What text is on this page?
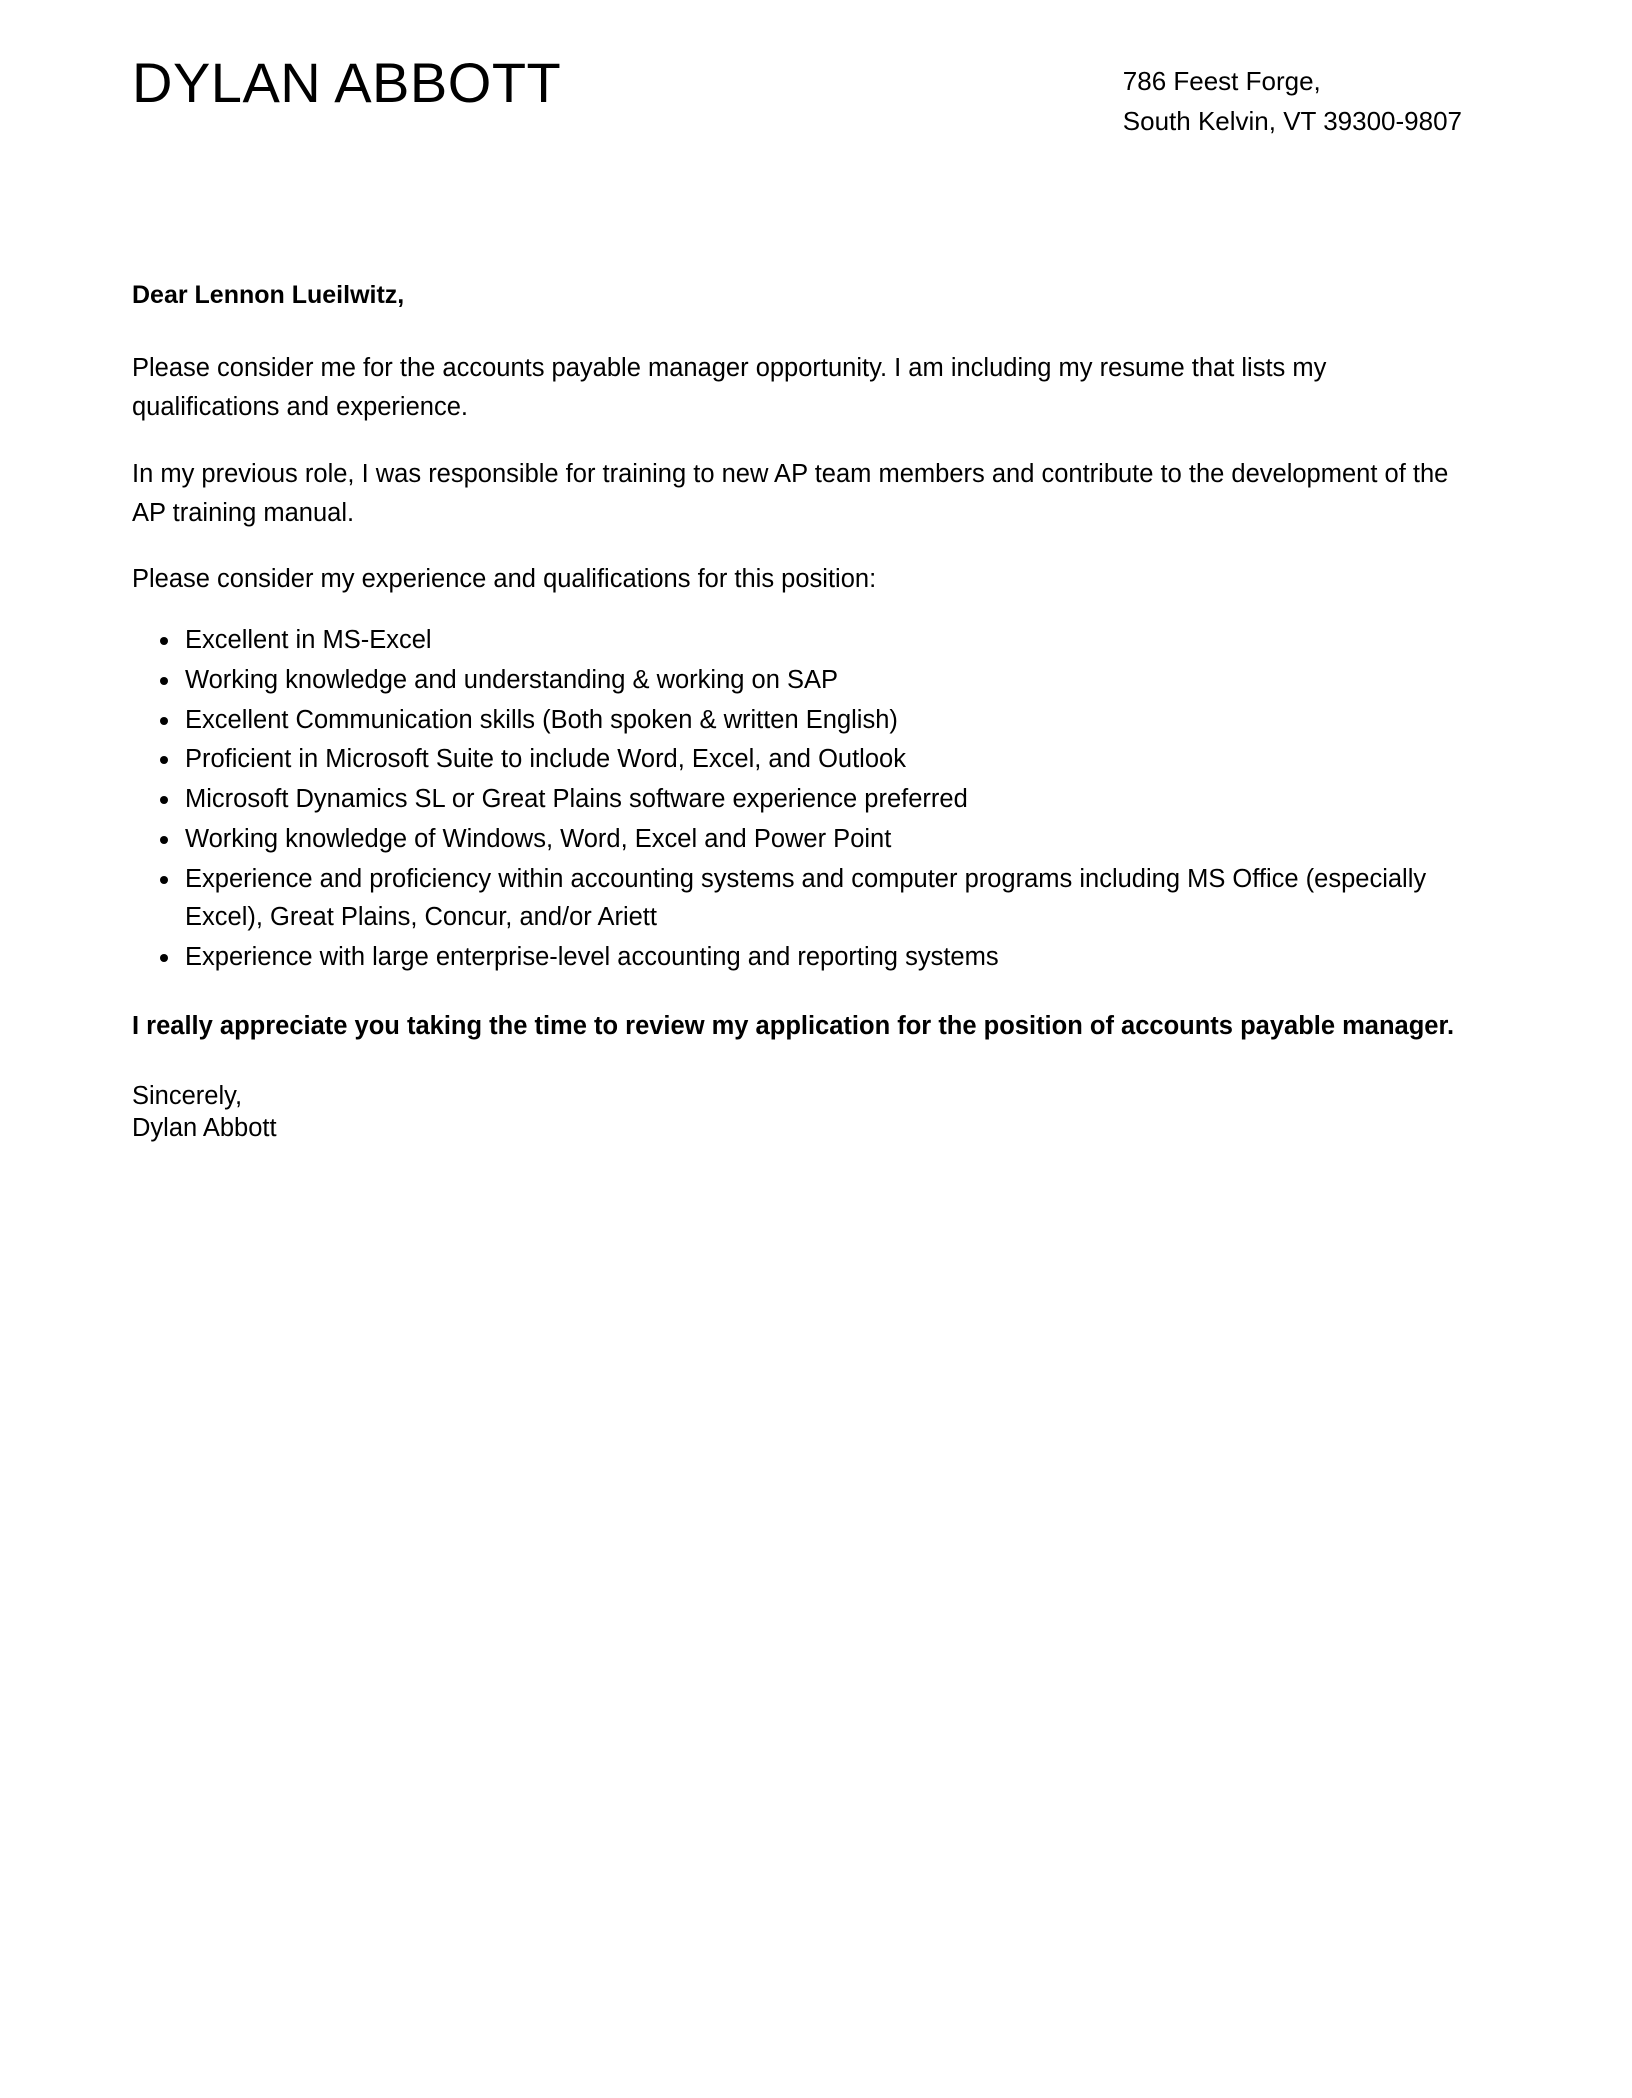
DYLAN ABBOTT	786 Feest Forge,
South Kelvin, VT 39300-9807

Dear Lennon Lueilwitz,

Please consider me for the accounts payable manager opportunity. I am including my resume that lists my qualifications and experience.

In my previous role, I was responsible for training to new AP team members and contribute to the development of the AP training manual.

Please consider my experience and qualifications for this position:

Excellent in MS-Excel
Working knowledge and understanding & working on SAP
Excellent Communication skills (Both spoken & written English)
Proficient in Microsoft Suite to include Word, Excel, and Outlook
Microsoft Dynamics SL or Great Plains software experience preferred
Working knowledge of Windows, Word, Excel and Power Point
Experience and proficiency within accounting systems and computer programs including MS Office (especially Excel), Great Plains, Concur, and/or Ariett
Experience with large enterprise-level accounting and reporting systems

I really appreciate you taking the time to review my application for the position of accounts payable manager.

Sincerely,
Dylan Abbott
